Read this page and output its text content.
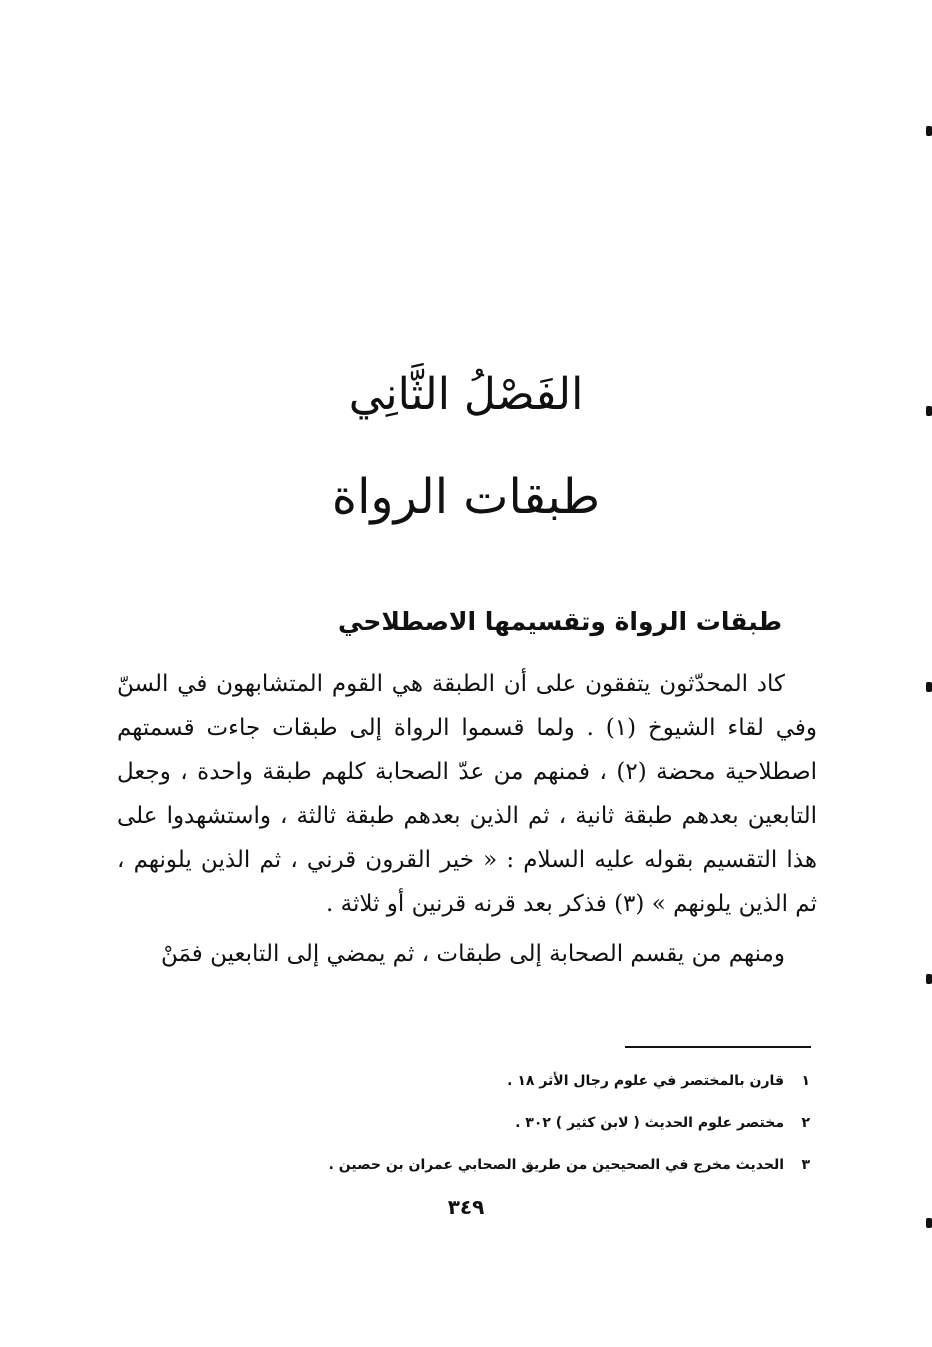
الفَصْلُ الثَّانِي
طبقات الرواة
طبقات الرواة وتقسيمها الاصطلاحي

كاد المحدّثون يتفقون على أن الطبقة هي القوم المتشابهون في السنّ وفي لقاء الشيوخ (١) . ولما قسموا الرواة إلى طبقات جاءت قسمتهم اصطلاحية محضة (٢) ، فمنهم من عدّ الصحابة كلهم طبقة واحدة ، وجعل التابعين بعدهم طبقة ثانية ، ثم الذين بعدهم طبقة ثالثة ، واستشهدوا على هذا التقسيم بقوله عليه السلام : « خير القرون قرني ، ثم الذين يلونهم ، ثم الذين يلونهم » (٣) فذكر بعد قرنه قرنين أو ثلاثة .

ومنهم من يقسم الصحابة إلى طبقات ، ثم يمضي إلى التابعين فمَنْ

١قارن بالمختصر في علوم رجال الأثر ١٨ .
٢مختصر علوم الحديث ( لابن كثير ) ٣٠٢ .
٣الحديث مخرج في الصحيحين من طريق الصحابي عمران بن حصين .
٣٤٩
